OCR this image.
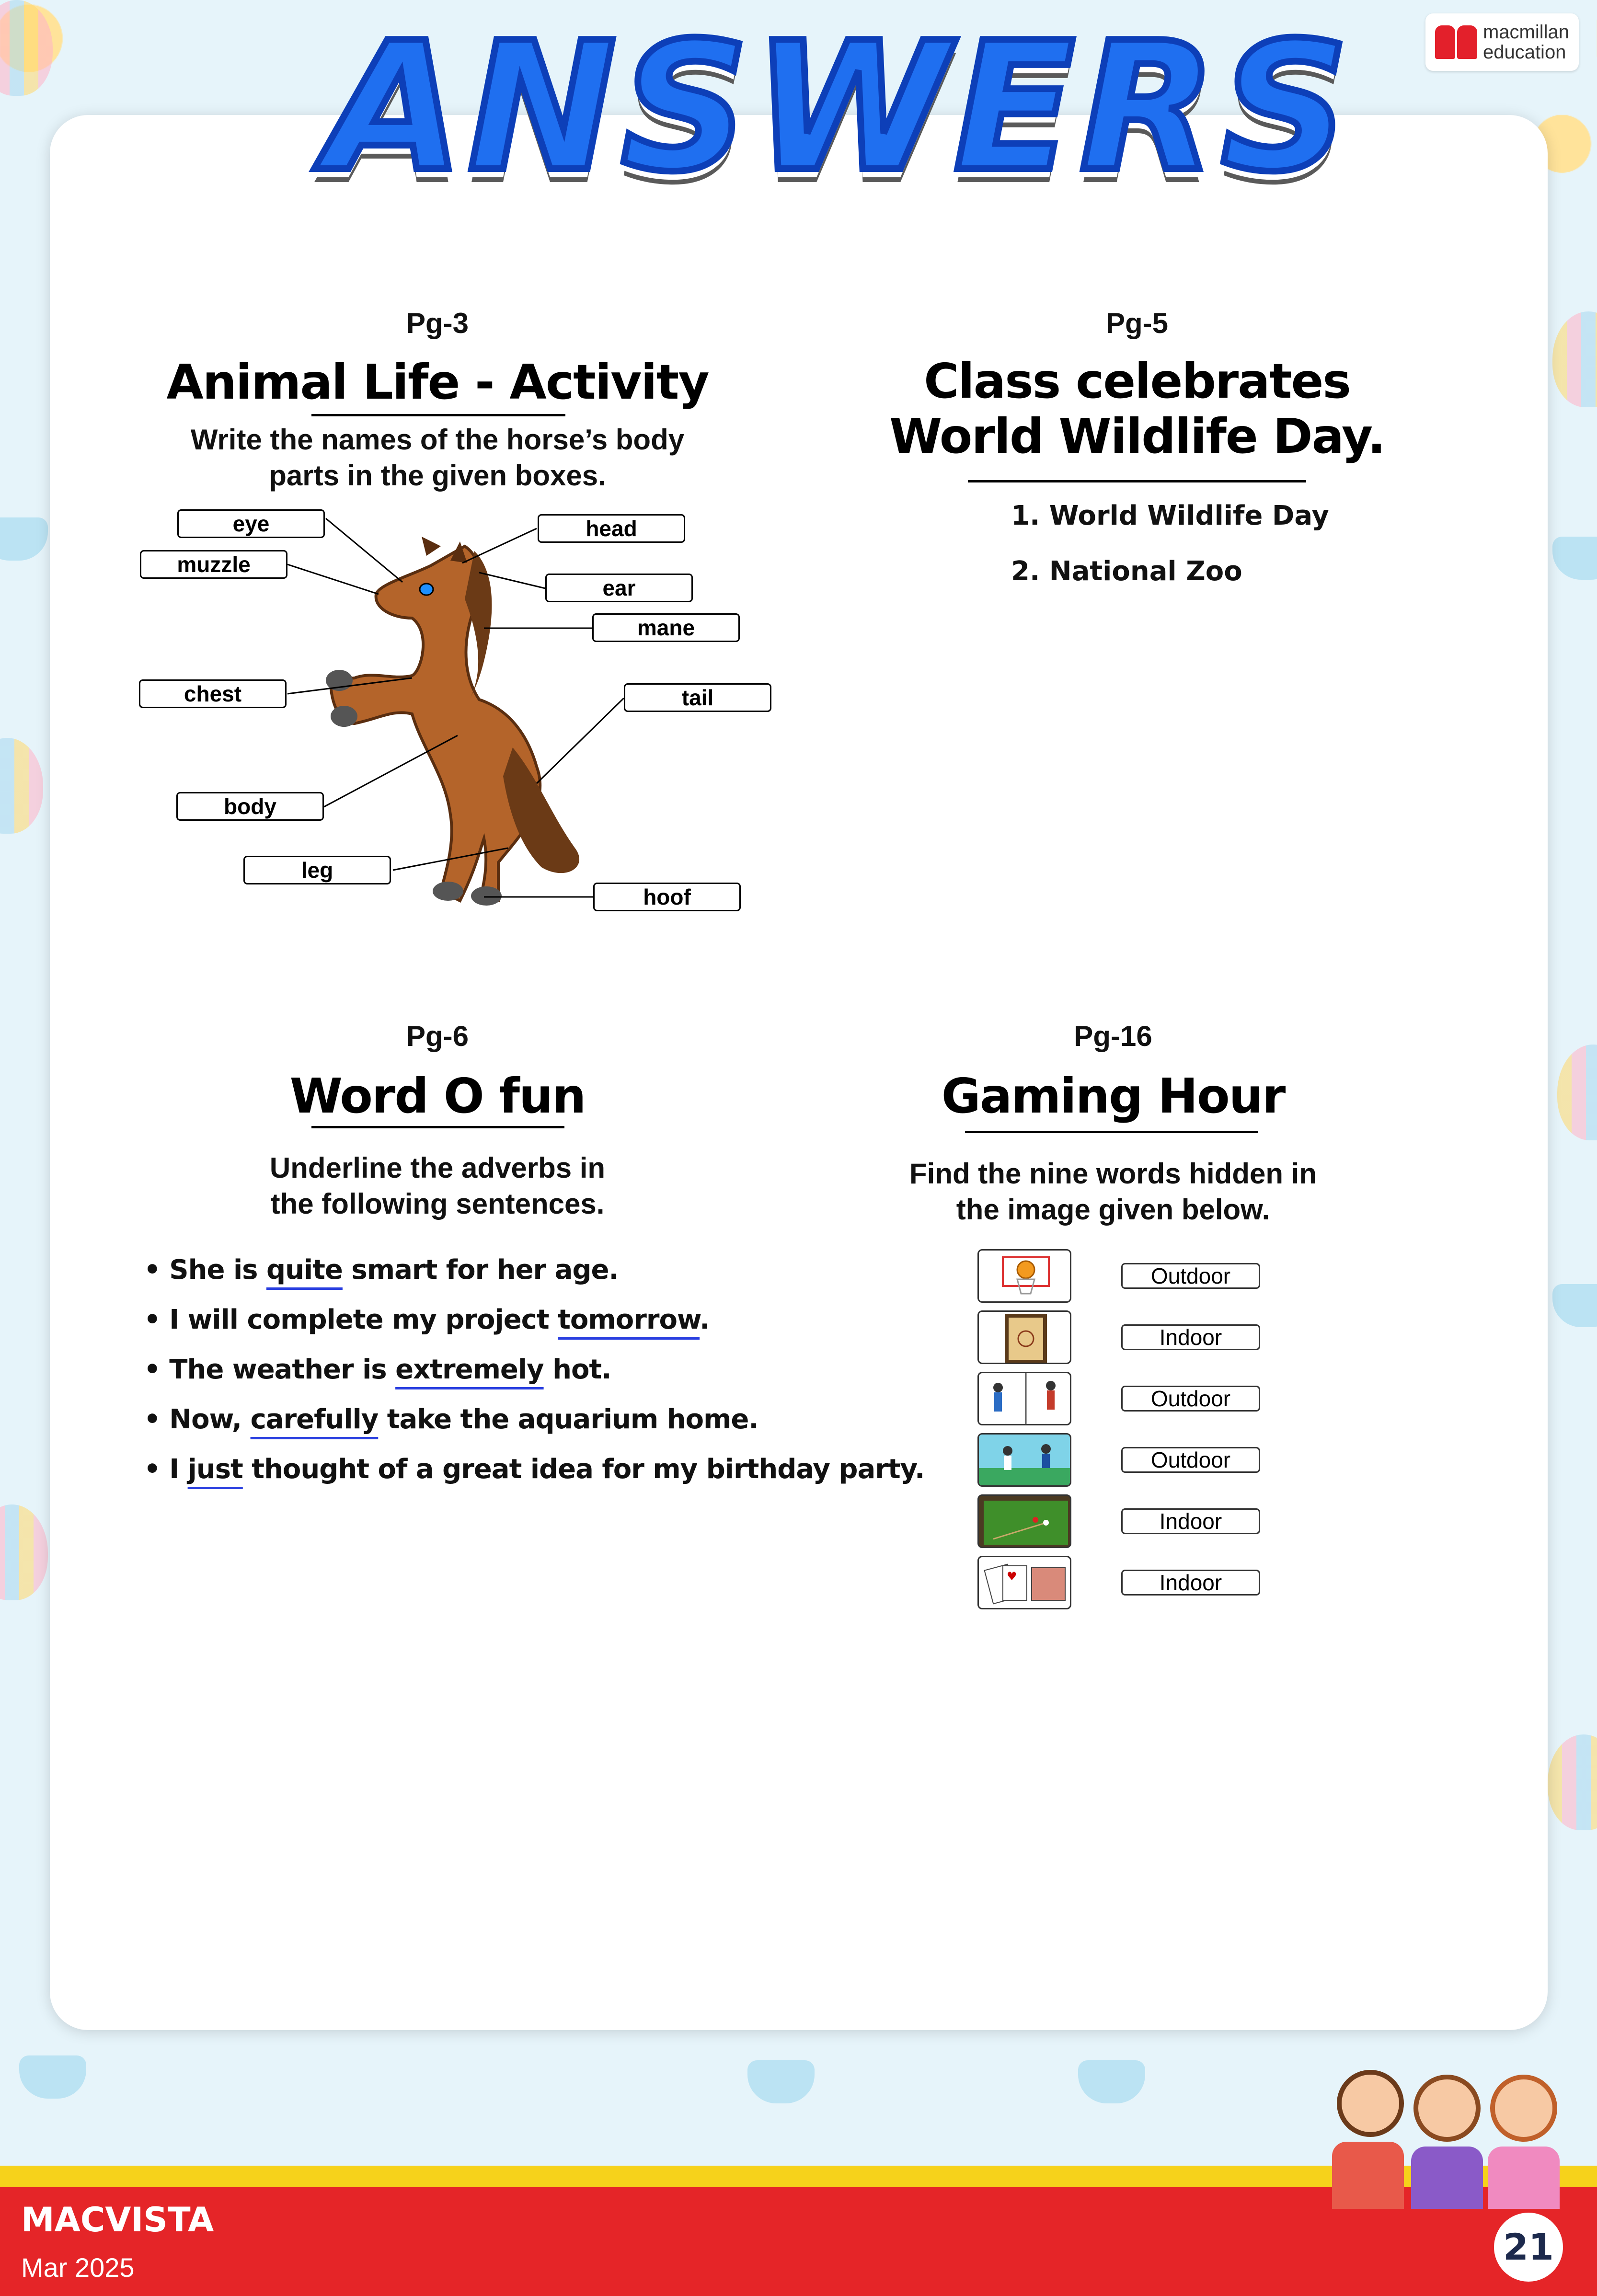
macmillan
education
ANSWERS
Pg-3
Animal Life - Activity
Write the names of the horse’s body
parts in the given boxes.
eye	head
muzzle
ear
mane
chest	tail
body
leg
hoof
Pg-5
Class celebrates
World Wildlife Day.
1. World Wildlife Day
2. National Zoo
Pg-6
Word O fun
Underline the adverbs in
the following sentences.
• She is quite smart for her age.
• I will complete my project tomorrow.
• The weather is extremely hot.
• Now, carefully take the aquarium home.
• I just thought of a great idea for my birthday party.
Pg-16
Gaming Hour
Find the nine words hidden in
the image given below.
♥
Outdoor
Indoor
Outdoor
Outdoor
Indoor
Indoor
MACVISTA
Mar 2025	21
